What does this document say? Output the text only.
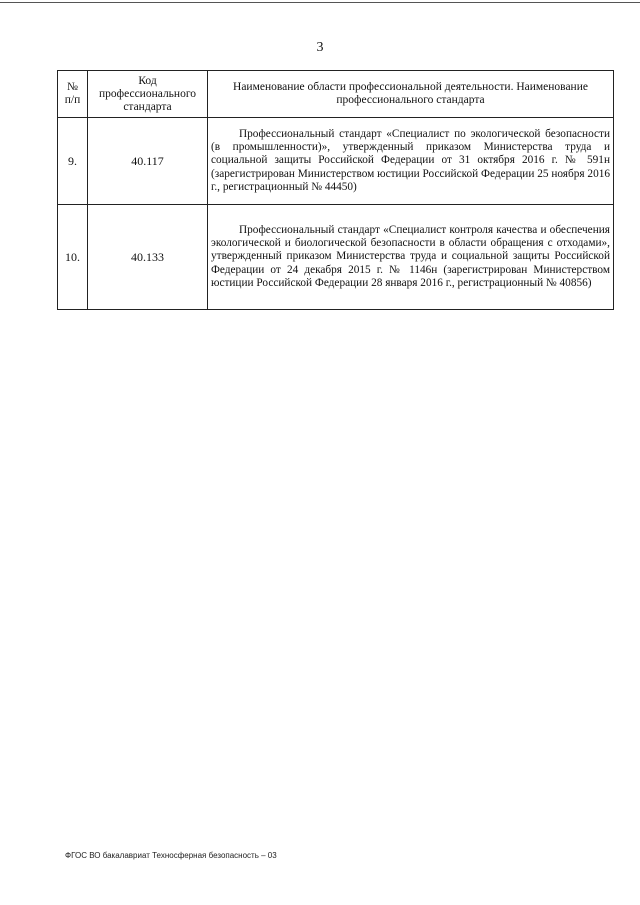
3
№ п/п	Код профессионального стандарта	Наименование области профессиональной деятельности. Наименование профессионального стандарта
9.	40.117	Профессиональный стандарт «Специалист по экологической безопасности (в промышленности)», утвержденный приказом Министерства труда и социальной защиты Российской Федерации от 31 октября 2016 г. № 591н (зарегистрирован Министерством юстиции Российской Федерации 25 ноября 2016 г., регистрационный № 44450)
10.	40.133	Профессиональный стандарт «Специалист контроля качества и обеспечения экологической и биологической безопасности в области обращения с отходами», утвержденный приказом Министерства труда и социальной защиты Российской Федерации от 24 декабря 2015 г. № 1146н (зарегистрирован Министерством юстиции Российской Федерации 28 января 2016 г., регистрационный № 40856)
ФГОС ВО бакалавриат Техносферная безопасность – 03
